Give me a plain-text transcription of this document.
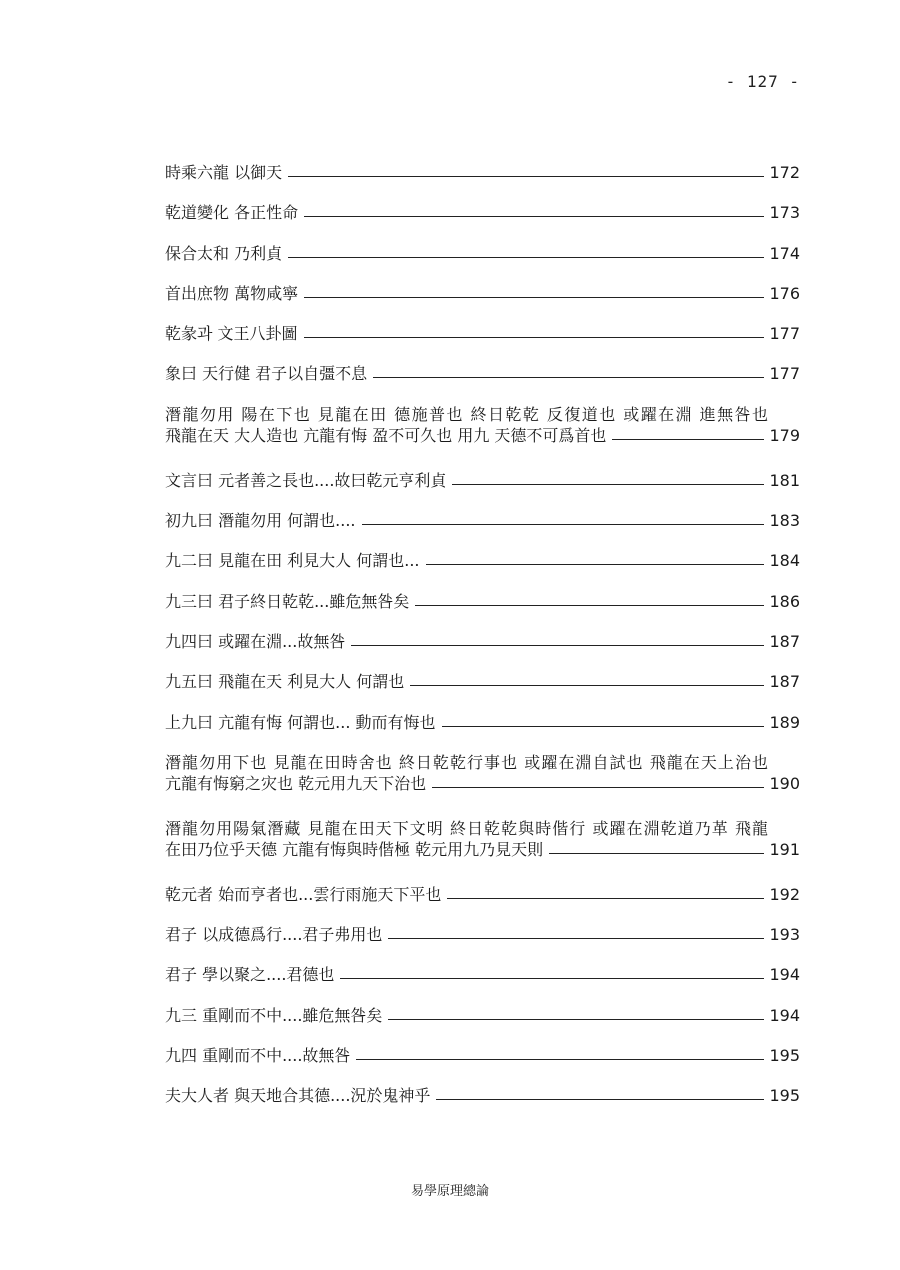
- 127 -
時乘六龍 以御天	172
乾道變化 各正性命	173
保合太和 乃利貞	174
首出庶物 萬物咸寧	176
乾彖과 文王八卦圖	177
象曰 天行健 君子以自彊不息	177
潛龍勿用 陽在下也 見龍在田 德施普也 終日乾乾 反復道也 或躍在淵 進無咎也
飛龍在天 大人造也 亢龍有悔 盈不可久也 用九 天德不可爲首也	179
文言曰 元者善之長也....故曰乾元亨利貞	181
初九曰 潛龍勿用 何謂也....	183
九二曰 見龍在田 利見大人 何謂也...	184
九三曰 君子終日乾乾...雖危無咎矣	186
九四曰 或躍在淵...故無咎	187
九五曰 飛龍在天 利見大人 何謂也	187
上九曰 亢龍有悔 何謂也... 動而有悔也	189
潛龍勿用下也 見龍在田時舍也 終日乾乾行事也 或躍在淵自試也 飛龍在天上治也
亢龍有悔窮之灾也 乾元用九天下治也	190
潛龍勿用陽氣潛藏 見龍在田天下文明 終日乾乾與時偕行 或躍在淵乾道乃革 飛龍
在田乃位乎天德 亢龍有悔與時偕極 乾元用九乃見天則	191
乾元者 始而亨者也...雲行雨施天下平也	192
君子 以成德爲行....君子弗用也	193
君子 學以聚之....君德也	194
九三 重剛而不中....雖危無咎矣	194
九四 重剛而不中....故無咎	195
夫大人者 與天地合其德....況於鬼神乎	195
易學原理總論
